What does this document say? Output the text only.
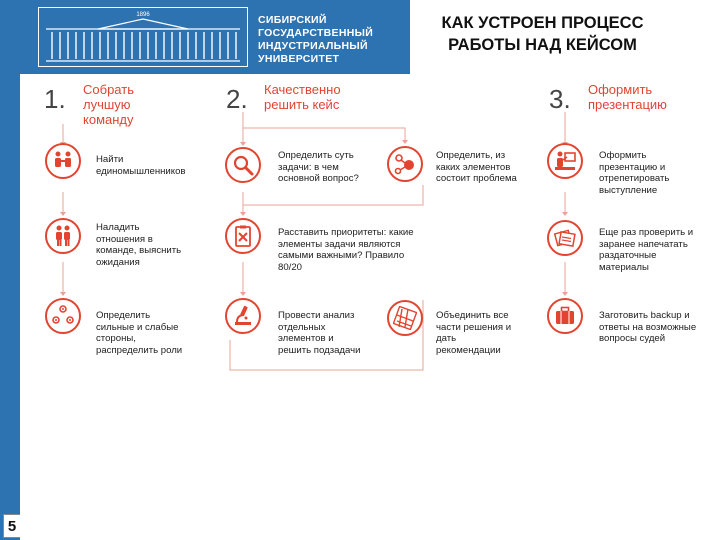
5
1896	СИБИРСКИЙ
ГОСУДАРСТВЕННЫЙ
ИНДУСТРИАЛЬНЫЙ
УНИВЕРСИТЕТ
КАК УСТРОЕН ПРОЦЕСС
РАБОТЫ НАД КЕЙСОМ
1. Собрать
лучшую
команду
2. Качественно
решить кейс	3. Оформить
презентацию
Найти
единомышленников
Наладить
отношения в
команде, выяснить
ожидания
Определить
сильные и слабые
стороны,
распределить роли
Определить суть
задачи: в чем
основной вопрос?
Определить, из
каких элементов
состоит проблема
Расставить приоритеты: какие
элементы задачи являются
самыми важными? Правило
80/20
Провести анализ
отдельных
элементов и
решить подзадачи
Объединить все
части решения и
дать
рекомендации
Оформить
презентацию и
отрепетировать
выступление
Еще раз проверить и
заранее напечатать
раздаточные
материалы
Заготовить backup и
ответы на возможные
вопросы судей
